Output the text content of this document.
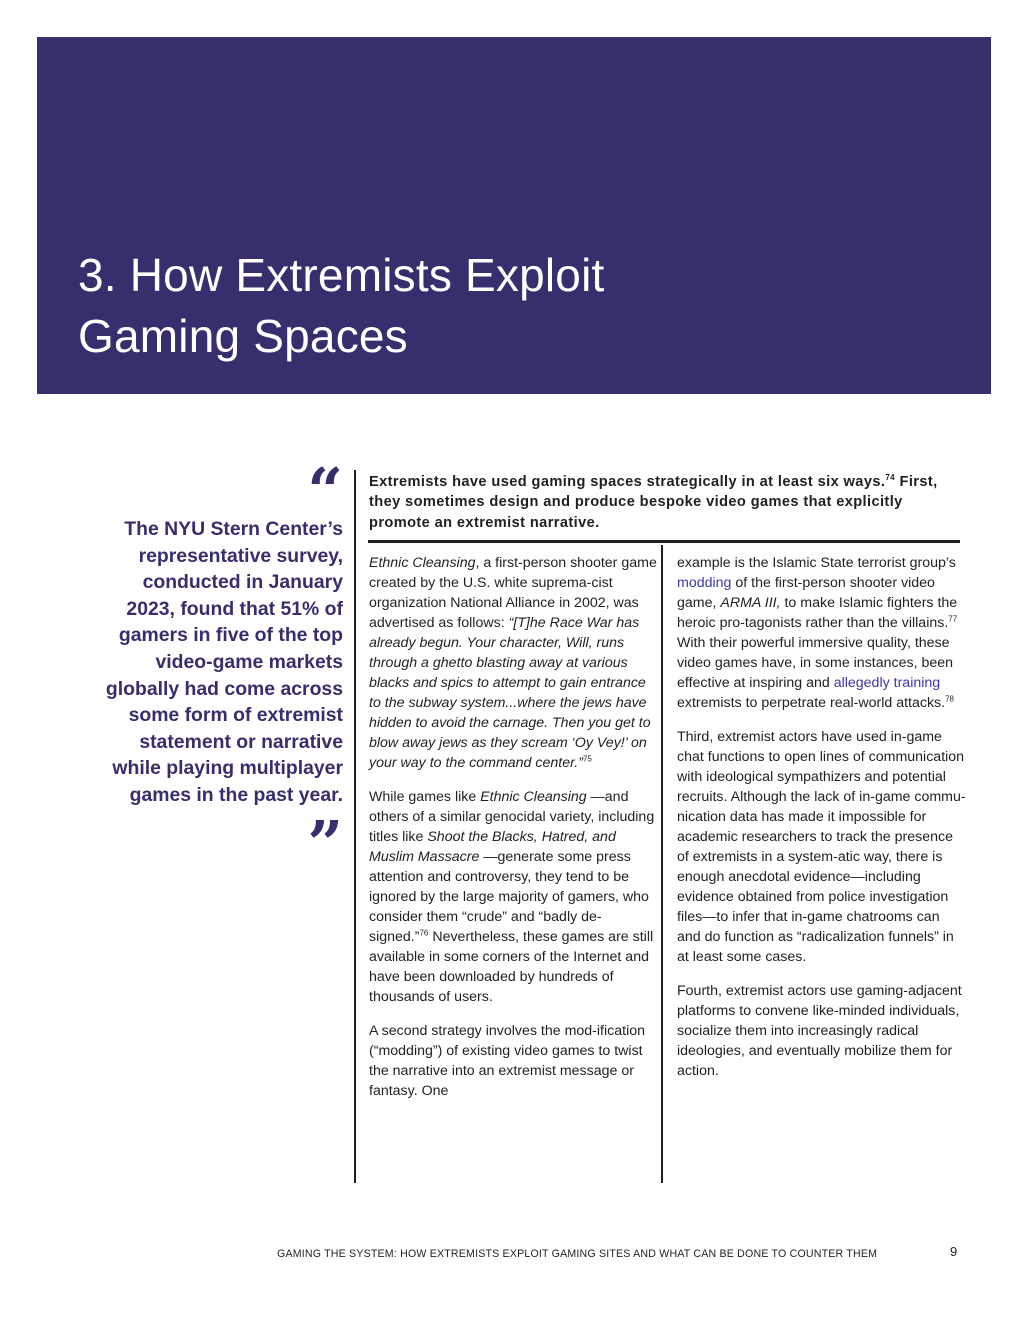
3. How Extremists Exploit
Gaming Spaces
“
The NYU Stern Center’s representative survey, conducted in January 2023, found that 51% of gamers in five of the top video-game markets globally had come across some form of extremist statement or narrative while playing multiplayer games in the past year.
”
Extremists have used gaming spaces strategically in at least six ways.$^{74}$ First, they sometimes design and produce bespoke video games that explicitly promote an extremist narrative.

Ethnic Cleansing, a first-person shooter game created by the U.S. white suprema-cist organization National Alliance in 2002, was advertised as follows: “[T]he Race War has already begun. Your character, Will, runs through a ghetto blasting away at various blacks and spics to attempt to gain entrance to the subway system...where the jews have hidden to avoid the carnage. Then you get to blow away jews as they scream ‘Oy Vey!’ on your way to the command center.”$^{75}$

While games like Ethnic Cleansing —and others of a similar genocidal variety, including titles like Shoot the Blacks, Hatred, and Muslim Massacre —generate some press attention and controversy, they tend to be ignored by the large majority of gamers, who consider them “crude” and “badly de-signed.”$^{76}$ Nevertheless, these games are still available in some corners of the Internet and have been downloaded by hundreds of thousands of users.

A second strategy involves the mod-ification (“modding”) of existing video games to twist the narrative into an extremist message or fantasy. One

example is the Islamic State terrorist group’s modding of the first-person shooter video game, ARMA III, to make Islamic fighters the heroic pro-tagonists rather than the villains.$^{77}$ With their powerful immersive quality, these video games have, in some instances, been effective at inspiring and allegedly training extremists to perpetrate real-world attacks.$^{78}$

Third, extremist actors have used in-game chat functions to open lines of communication with ideological sympathizers and potential recruits. Although the lack of in-game commu-nication data has made it impossible for academic researchers to track the presence of extremists in a system-atic way, there is enough anecdotal evidence—including evidence obtained from police investigation files—to infer that in-game chatrooms can and do function as “radicalization funnels” in at least some cases.

Fourth, extremist actors use gaming-adjacent platforms to convene like-minded individuals, socialize them into increasingly radical ideologies, and eventually mobilize them for action.

GAMING THE SYSTEM: HOW EXTREMISTS EXPLOIT GAMING SITES AND WHAT CAN BE DONE TO COUNTER THEM	9
